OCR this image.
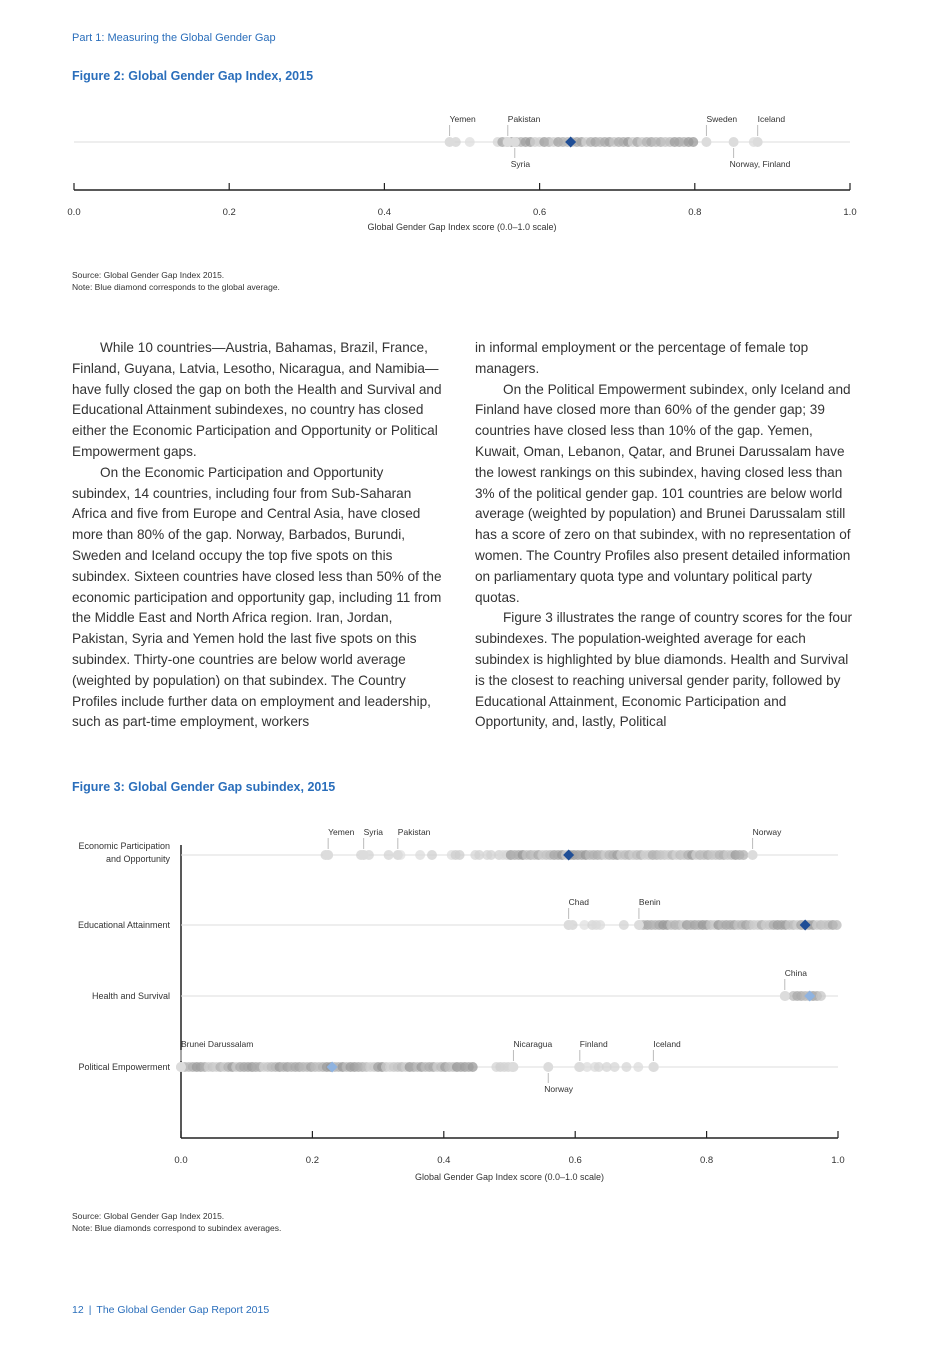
Part 1: Measuring the Global Gender Gap
Figure 2: Global Gender Gap Index, 2015
Yemen	Pakistan
Syria
Sweden Iceland
Norway, Finland
0.0	0.2	0.4	0.6	0.8	1.0
Global Gender Gap Index score (0.0–1.0 scale)
Source: Global Gender Gap Index 2015.
Note: Blue diamond corresponds to the global average.

While 10 countries—Austria, Bahamas, Brazil, France, Finland, Guyana, Latvia, Lesotho, Nicaragua, and Namibia—have fully closed the gap on both the Health and Survival and Educational Attainment subindexes, no country has closed either the Economic Participation and Opportunity or Political Empowerment gaps.

On the Economic Participation and Opportunity subindex, 14 countries, including four from Sub-Saharan Africa and five from Europe and Central Asia, have closed more than 80% of the gap. Norway, Barbados, Burundi, Sweden and Iceland occupy the top five spots on this subindex. Sixteen countries have closed less than 50% of the economic participation and opportunity gap, including 11 from the Middle East and North Africa region. Iran, Jordan, Pakistan, Syria and Yemen hold the last five spots on this subindex. Thirty-one countries are below world average (weighted by population) on that subindex. The Country Profiles include further data on employment and leadership, such as part-time employment, workers

in informal employment or the percentage of female top managers.

On the Political Empowerment subindex, only Iceland and Finland have closed more than 60% of the gender gap; 39 countries have closed less than 10% of the gap. Yemen, Kuwait, Oman, Lebanon, Qatar, and Brunei Darussalam have the lowest rankings on this subindex, having closed less than 3% of the political gender gap. 101 countries are below world average (weighted by population) and Brunei Darussalam still has a score of zero on that subindex, with no representation of women. The Country Profiles also present detailed information on parliamentary quota type and voluntary political party quotas.

Figure 3 illustrates the range of country scores for the four subindexes. The population-weighted average for each subindex is highlighted by blue diamonds. Health and Survival is the closest to reaching universal gender parity, followed by Educational Attainment, Economic Participation and Opportunity, and, lastly, Political

Figure 3: Global Gender Gap subindex, 2015
Economic Participation
and Opportunity
Yemen Syria Pakistan	Norway
Educational Attainment
Chad	Benin
Health and Survival
China
Political Empowerment
Brunei Darussalam	Nicaragua	Finland	Iceland
Norway
0.0	0.2	0.4	0.6	0.8	1.0
Global Gender Gap Index score (0.0–1.0 scale)
Source: Global Gender Gap Index 2015.
Note: Blue diamonds correspond to subindex averages.
12 | The Global Gender Gap Report 2015
